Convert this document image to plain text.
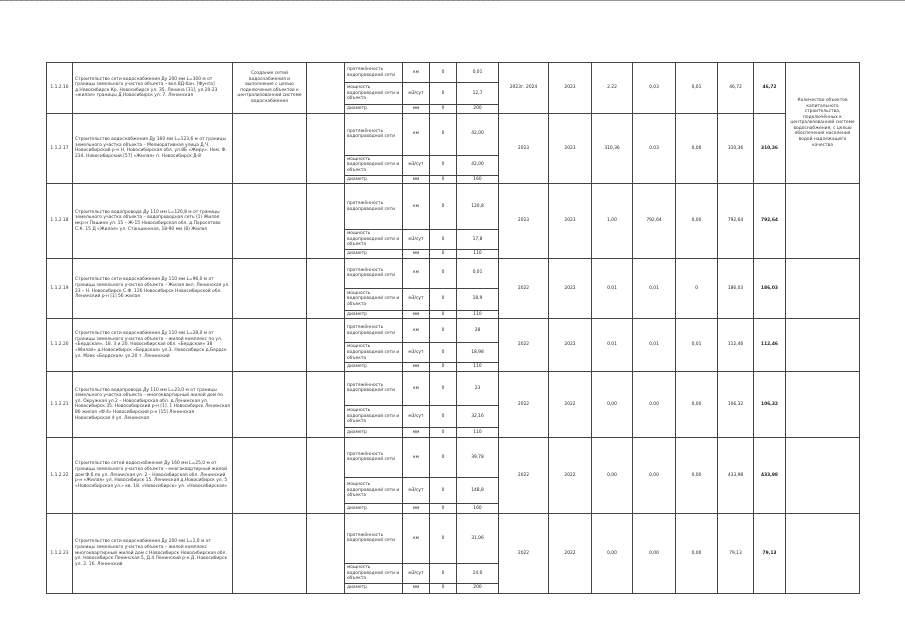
1.1.2.16	Строительство сети водоснабжения Ду 200 мм L=300 м от границы земельного участка объекта – вкл.8Д-бан. [Фунта] д.Новосибирск Кр. Новосибирск ул. 35. Ленина [31], ул.20-23 «жилая» границы Д.Новосибирск ул. 7. Ленинская	Создание сетей водоснабжения и выполнение с целью подключения объектов к централизованной системе водоснабжения		протяжённость водопроводной сети	км	0	0,01	2023г. 2024	2023	2.22	0,03	0,01	46,72	46,72	Количество объектов капитального строительства, подключённых к централизованной системе водоснабжения, с целью обеспечения населения водой надлежащего качества
				мощность водопроводной сети и объекта	м3/сут	0	12,7								
				диаметр	мм	0	200								
1.1.2.17	Строительство водоснабжения Ду 160 мм L=123,6 м от границы земельного участка объекта – Мелиоративная улица Д.Ч. Новосибирский р-н Н. Новосибирская обл. ул.8Б «Жиру». Ном. Ф. 234. Новосибирский [57] «Жилая» п. Новосибирск Д-8			протяжённость водопроводной сети	км	0	42,00	2023	2023	310,36	0,03	0,06	310,36	310,36	
				мощность водопроводной сети и объекта	м3/сут	0	42,00								
				диаметр	мм	0	160								
1.1.2.18	Строительство водопровода Ду 110 мм L=120,8 м от границы земельного участка объекта – водопроводная сеть (1) Жилая мкр-н Пашино ул. 15 – Ж-15 Новосибирская обл. д.Поросятово С.К. 15 Д «Жилая» ул. Станционная, 18-90 мм (8) Жилая			протяжённость водопроводной сети	км	0	120,8	2023	2023	1,00	792,64	0,00	792,64	792,64	
				мощность водопроводной сети и объекта	м3/сут	0	17,8								
				диаметр	мм	0	110								
1.1.2.19	Строительство сети водоснабжения Ду 110 мм L=96,0 м от границы земельного участка объекта – Жилая вкл. Ленинская ул. 23 – Н. Новосибирск С.Ф. 126 Новосибирск Новосибирской обл. Ленинский р-н [1] 56 жилая			протяжённость водопроводной сети	км	0	0,01	2022	2022	0,01	0,01	0	186,03	186,03	
				мощность водопроводной сети и объекта	м3/сут	0	18,9								
				диаметр	мм	0	110								
1.1.2.20	Строительство сети водоснабжения Ду 110 мм L=28,0 м от границы земельного участка объекта – жилой комплекс по ул. «Бердская», 18. 3 и 20. Новосибирская обл. «Бердская» 38 «Жилая» д.Новосибирск «Бердская» ул.3. Новосибирск д.Бердск ул. Маяк «Бердская» ул.20 т. Ленинский			протяжённость водопроводной сети	км	0	28	2022	2022	0,01	0,01	0,01	112,46	112,46	
				мощность водопроводной сети и объекта	м3/сут	0	18,98								
				диаметр	мм	0	110								
1.1.2.21	Строительство водопровода Ду 110 мм L=23,0 м от границы земельного участка объекта – многоквартирный жилой дом по ул. Окружная ул.2 – Новосибирская обл. д.Ленинская ул. Новосибирск 35. Новосибирский р-н [1]. 1 Новосибирск Ленинская 86 жилая «Ф.4» Новосибирский р-н [15] Ленинская Новосибирская 4 ул. Ленинская			протяжённость водопроводной сети	км	0	23	2022	2022	0,00	0,00	0,00	106,32	106,32	
				мощность водопроводной сети и объекта	м3/сут	0	32,16								
				диаметр	мм	0	110								
1.1.2.22	Строительство сетей водоснабжения Ду 160 мм L=25,0 м от границы земельного участка объекта – многоквартирный жилой дом Ф.6 по ул. Ленинская ул. 2 – Новосибирская обл. Ленинский р-н «Жилая» ул. Новосибирск 15. Ленинская д.Новосибирск ул. 5 «Новосибирская ул.» кв. 18. «Новосибирск» ул. «Новосибирская»			протяжённость водопроводной сети	км	0	39,78	2022	2022	0,00	0,00	0,00	433,98	433,98	
				мощность водопроводной сети и объекта	м3/сут	0	148,8								
				диаметр	мм	0	160								
1.1.2.23	Строительство сети водоснабжения Ду 200 мм L=1,0 м от границы земельного участка объекта – жилой комплекс многоквартирный жилой дом с Новосибирск Новосибирская обл. ул. Новосибирск Ленинская 5, Д.4 Ленинский р-н Д. Новосибирск ул. 2. 16. Ленинский			протяжённость водопроводной сети	км	0	31,06	2022	2022	0,00	0,00	0,00	79,13	79,13	
				мощность водопроводной сети и объекта	м3/сут	0	14,0								
				диаметр	мм	0	200								
